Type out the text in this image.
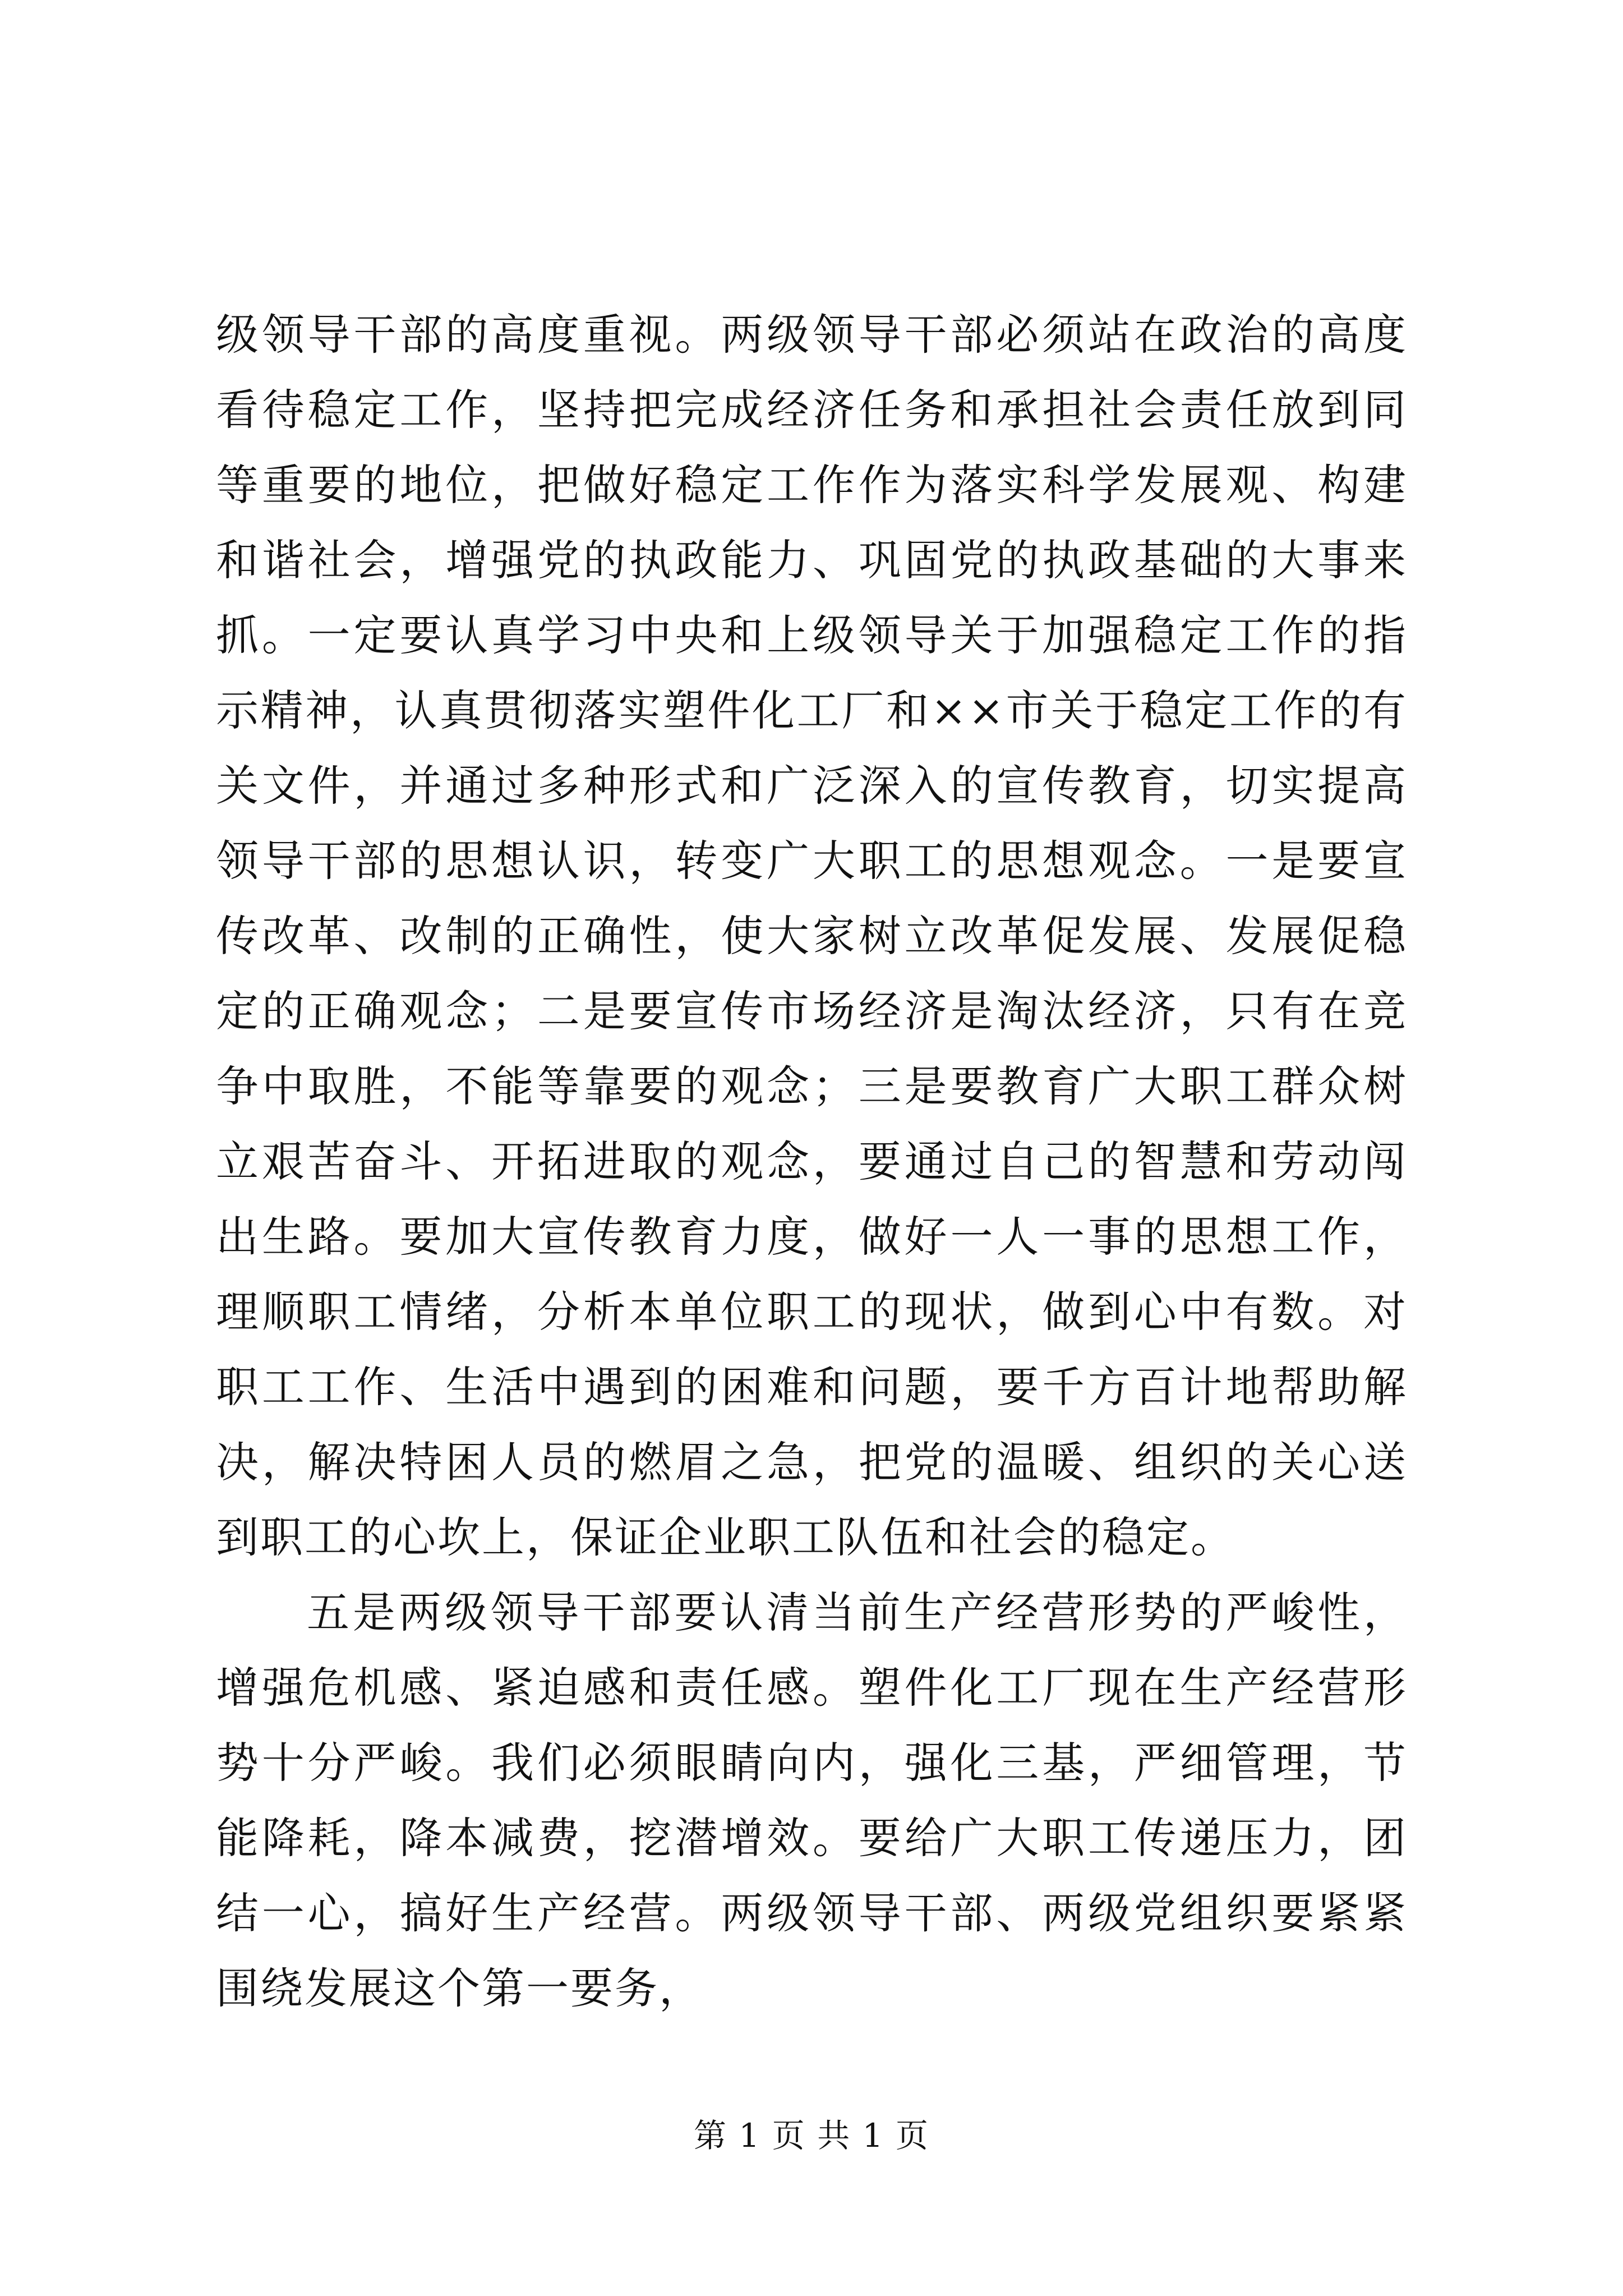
级领导干部的高度重视。两级领导干部必须站在政治的高度看待稳定工作，坚持把完成经济任务和承担社会责任放到同等重要的地位，把做好稳定工作作为落实科学发展观、构建和谐社会，增强党的执政能力、巩固党的执政基础的大事来抓。一定要认真学习中央和上级领导关于加强稳定工作的指示精神，认真贯彻落实塑件化工厂和××市关于稳定工作的有关文件，并通过多种形式和广泛深入的宣传教育，切实提高领导干部的思想认识，转变广大职工的思想观念。一是要宣传改革、改制的正确性，使大家树立改革促发展、发展促稳定的正确观念；二是要宣传市场经济是淘汰经济，只有在竞争中取胜，不能等靠要的观念；三是要教育广大职工群众树立艰苦奋斗、开拓进取的观念，要通过自己的智慧和劳动闯出生路。要加大宣传教育力度，做好一人一事的思想工作，理顺职工情绪，分析本单位职工的现状，做到心中有数。对职工工作、生活中遇到的困难和问题，要千方百计地帮助解决，解决特困人员的燃眉之急，把党的温暖、组织的关心送到职工的心坎上，保证企业职工队伍和社会的稳定。

五是两级领导干部要认清当前生产经营形势的严峻性，增强危机感、紧迫感和责任感。塑件化工厂现在生产经营形势十分严峻。我们必须眼睛向内，强化三基，严细管理，节能降耗，降本减费，挖潜增效。要给广大职工传递压力，团结一心，搞好生产经营。两级领导干部、两级党组织要紧紧围绕发展这个第一要务，

第 1 页 共 1 页
